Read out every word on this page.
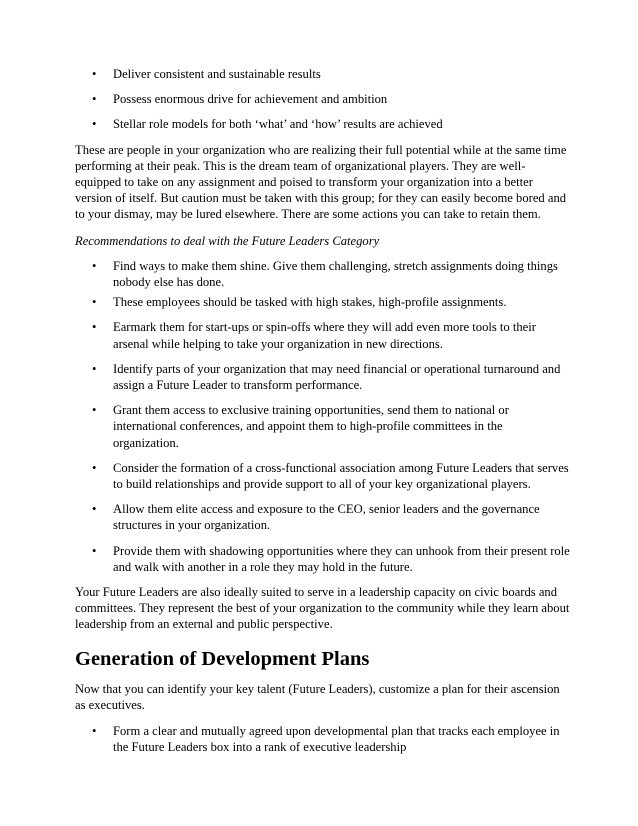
• Deliver consistent and sustainable results
• Possess enormous drive for achievement and ambition
• Stellar role models for both ‘what’ and ‘how’ results are achieved

These are people in your organization who are realizing their full potential while at the same time performing at their peak. This is the dream team of organizational players. They are well-equipped to take on any assignment and poised to transform your organization into a better version of itself. But caution must be taken with this group; for they can easily become bored and to your dismay, may be lured elsewhere. There are some actions you can take to retain them.

Recommendations to deal with the Future Leaders Category

• Find ways to make them shine. Give them challenging, stretch assignments doing things nobody else has done.
• These employees should be tasked with high stakes, high-profile assignments.
• Earmark them for start-ups or spin-offs where they will add even more tools to their arsenal while helping to take your organization in new directions.
• Identify parts of your organization that may need financial or operational turnaround and assign a Future Leader to transform performance.
• Grant them access to exclusive training opportunities, send them to national or international conferences, and appoint them to high-profile committees in the organization.
• Consider the formation of a cross-functional association among Future Leaders that serves to build relationships and provide support to all of your key organizational players.
• Allow them elite access and exposure to the CEO, senior leaders and the governance structures in your organization.
• Provide them with shadowing opportunities where they can unhook from their present role and walk with another in a role they may hold in the future.

Your Future Leaders are also ideally suited to serve in a leadership capacity on civic boards and committees. They represent the best of your organization to the community while they learn about leadership from an external and public perspective.

Generation of Development Plans

Now that you can identify your key talent (Future Leaders), customize a plan for their ascension as executives.

• Form a clear and mutually agreed upon developmental plan that tracks each employee in the Future Leaders box into a rank of executive leadership
